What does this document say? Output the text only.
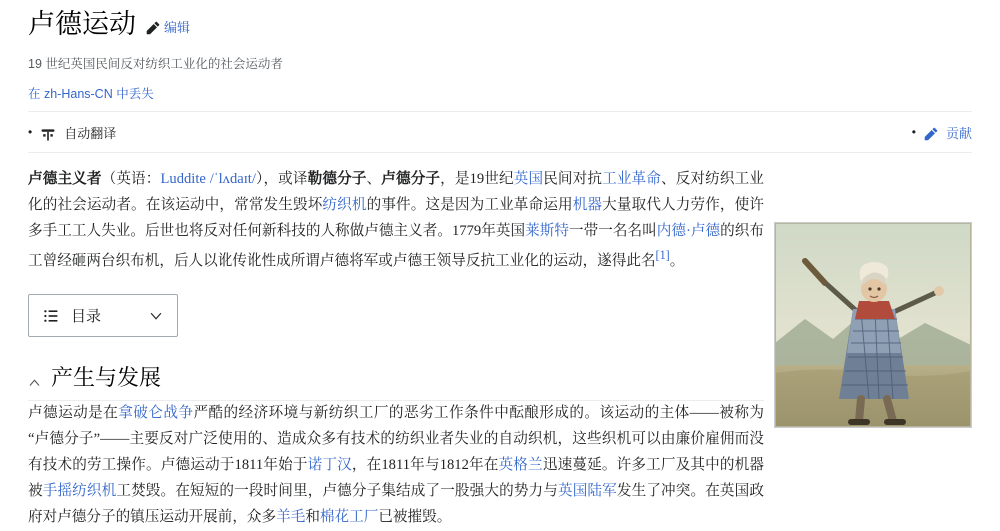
卢德运动 编辑
19 世纪英国民间反对纺织工业化的社会运动者
在 zh-Hans-CN 中丢失
• 自动翻译	• 贡献

卢德主义者（英语：Luddite /ˈlʌdaɪt/），或译勒德分子、卢德分子，是19世纪英国民间对抗工业革命、反对纺织工业化的社会运动者。在该运动中，常常发生毁坏纺织机的事件。这是因为工业革命运用机器大量取代人力劳作，使许多手工工人失业。后世也将反对任何新科技的人称做卢德主义者。1779年英国莱斯特一带一名名叫内德·卢德的织布工曾经砸两台织布机，后人以讹传讹性成所谓卢德将军或卢德王领导反抗工业化的运动，遂得此名[1]。

目录
产生与发展

卢德运动是在拿破仑战争严酷的经济环境与新纺织工厂的恶劣工作条件中酝酿形成的。该运动的主体——被称为“卢德分子”——主要反对广泛使用的、造成众多有技术的纺织业者失业的自动织机，这些织机可以由廉价雇佣而没有技术的劳工操作。卢德运动于1811年始于诺丁汉，在1811年与1812年在英格兰迅速蔓延。许多工厂及其中的机器被手摇纺织机工焚毁。在短短的一段时间里，卢德分子集结成了一股强大的势力与英国陆军发生了冲突。在英国政府对卢德分子的镇压运动开展前，众多羊毛和棉花工厂已被摧毁。
